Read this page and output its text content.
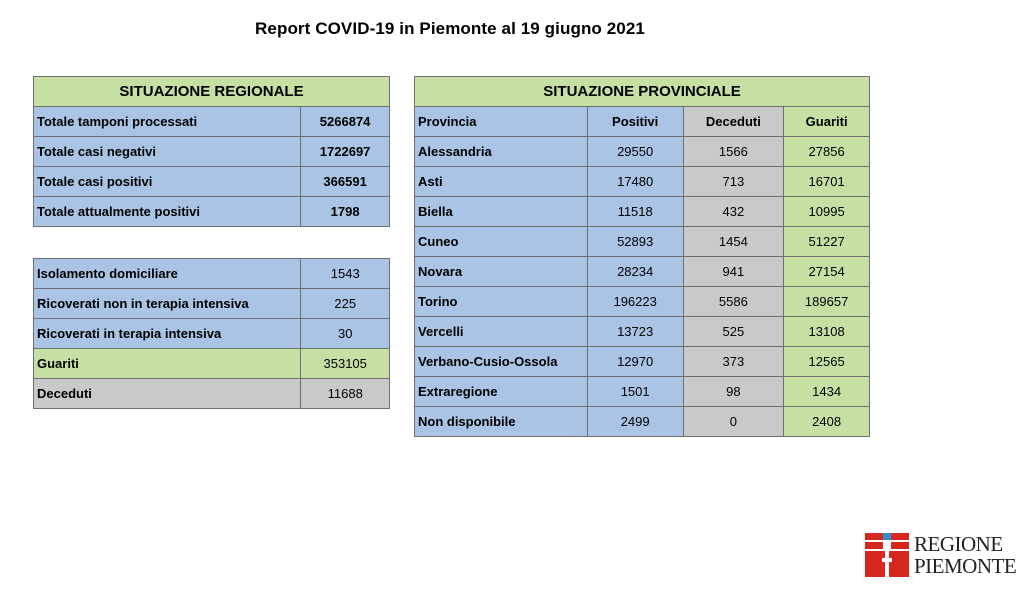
Report COVID-19 in Piemonte al 19 giugno 2021
SITUAZIONE REGIONALE	
Totale tamponi processati	5266874
Totale casi negativi	1722697
Totale casi positivi	366591
Totale attualmente positivi	1798
Isolamento domiciliare	1543
Ricoverati non in terapia intensiva	225
Ricoverati in terapia intensiva	30
Guariti	353105
Deceduti	11688
SITUAZIONE PROVINCIALE			
Provincia	Positivi	Deceduti	Guariti
Alessandria	29550	1566	27856
Asti	17480	713	16701
Biella	11518	432	10995
Cuneo	52893	1454	51227
Novara	28234	941	27154
Torino	196223	5586	189657
Vercelli	13723	525	13108
Verbano-Cusio-Ossola	12970	373	12565
Extraregione	1501	98	1434
Non disponibile	2499	0	2408
REGIONE
PIEMONTE
